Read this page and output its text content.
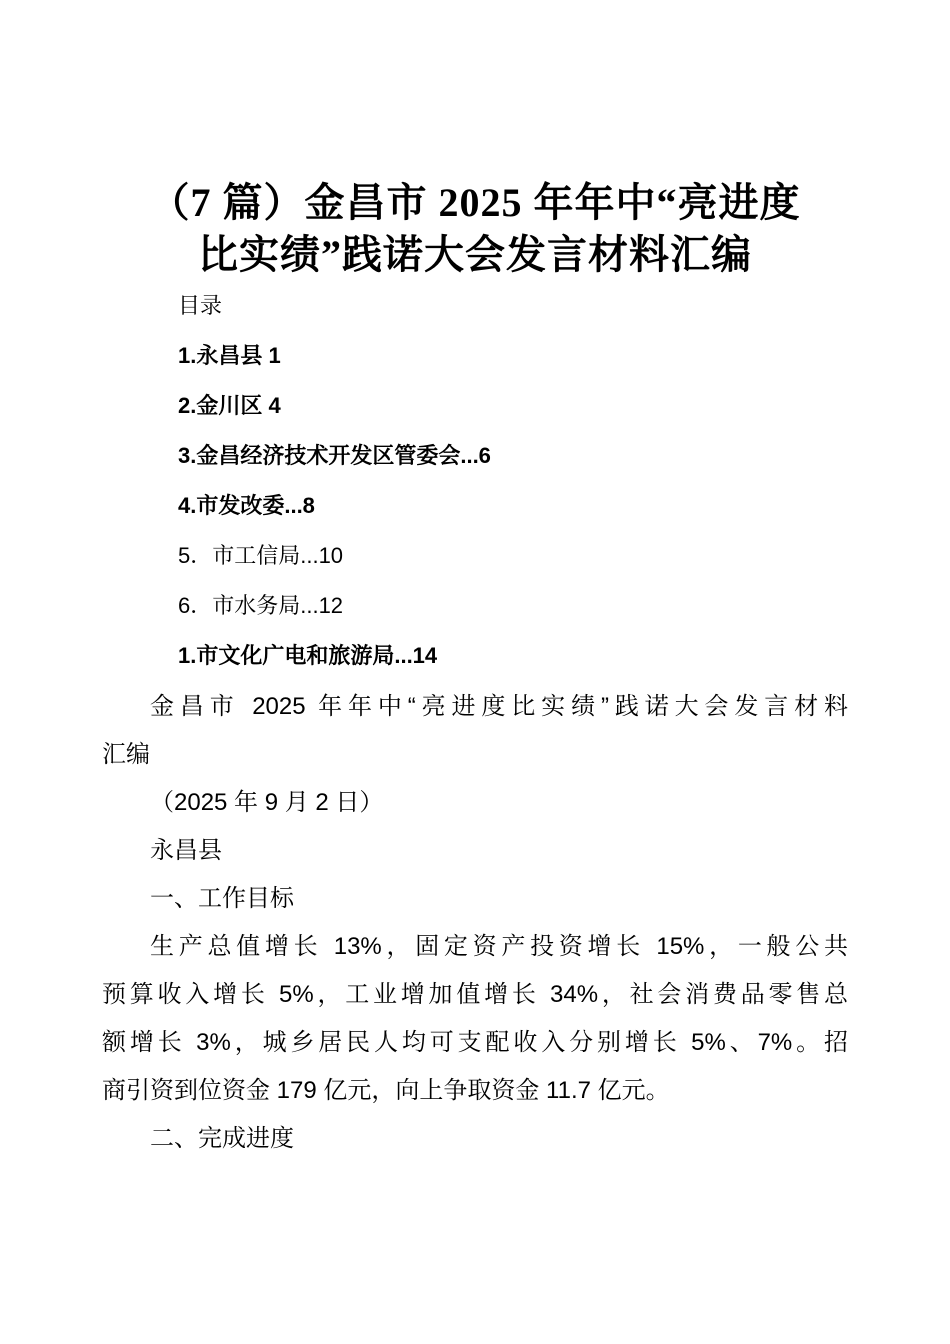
（7 篇）金昌市 2025 年年中“亮进度
比实绩”践诺大会发言材料汇编
目录
1.永昌县 1
2.金川区 4
3.金昌经济技术开发区管委会...6
4.市发改委...8
5．市工信局...10
6．市水务局...12
1.市文化广电和旅游局...14
金昌市 2025 年年中“亮进度比实绩”践诺大会发言材料
汇编
（2025 年 9 月 2 日）
永昌县
一、工作目标
生产总值增长 13%，固定资产投资增长 15%，一般公共
预算收入增长 5%，工业增加值增长 34%，社会消费品零售总
额增长 3%，城乡居民人均可支配收入分别增长 5%、7%。招
商引资到位资金 179 亿元，向上争取资金 11.7 亿元。
二、完成进度
